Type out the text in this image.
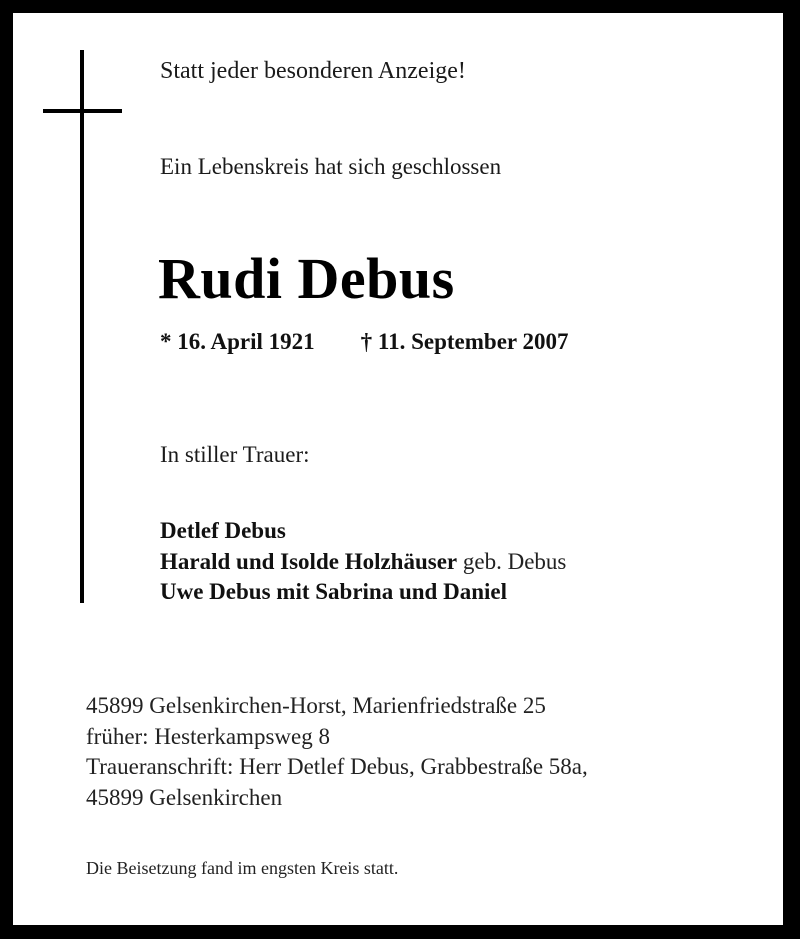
Statt jeder besonderen Anzeige!
Ein Lebenskreis hat sich geschlossen
Rudi Debus
* 16. April 1921 † 11. September 2007
In stiller Trauer:
Detlef Debus
Harald und Isolde Holzhäuser geb. Debus
Uwe Debus mit Sabrina und Daniel
45899 Gelsenkirchen-Horst, Marienfriedstraße 25
früher: Hesterkampsweg 8
Traueranschrift: Herr Detlef Debus, Grabbestraße 58a,
45899 Gelsenkirchen
Die Beisetzung fand im engsten Kreis statt.
